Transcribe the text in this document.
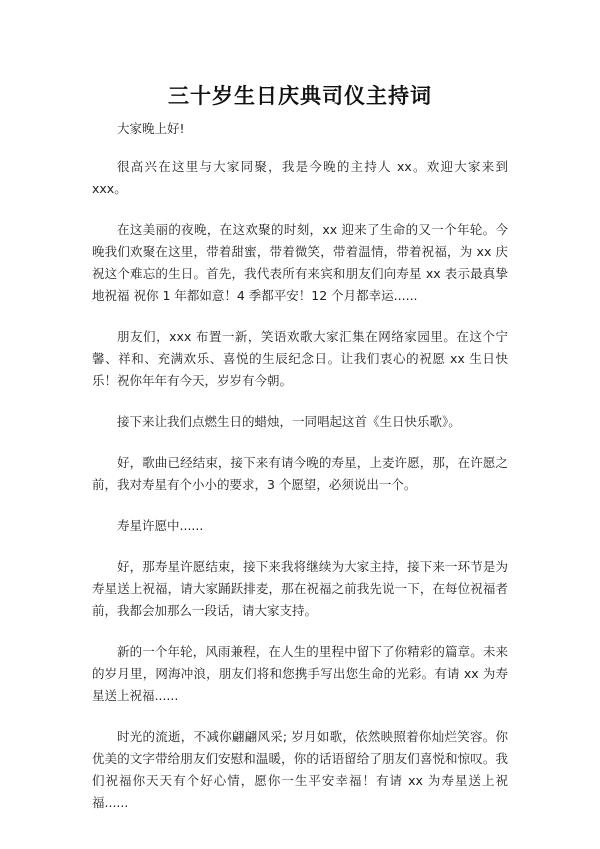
三十岁生日庆典司仪主持词

大家晚上好!

很高兴在这里与大家同聚，我是今晚的主持人 xx。欢迎大家来到 xxx。

在这美丽的夜晚，在这欢聚的时刻，xx 迎来了生命的又一个年轮。今晚我们欢聚在这里，带着甜蜜，带着微笑，带着温情，带着祝福，为 xx 庆祝这个难忘的生日。首先，我代表所有来宾和朋友们向寿星 xx 表示最真挚地祝福 祝你 1 年都如意！4 季都平安！12 个月都幸运......

朋友们，xxx 布置一新，笑语欢歌大家汇集在网络家园里。在这个宁馨、祥和、充满欢乐、喜悦的生辰纪念日。让我们衷心的祝愿 xx 生日快乐！祝你年年有今天，岁岁有今朝。

接下来让我们点燃生日的蜡烛，一同唱起这首《生日快乐歌》。

好，歌曲已经结束，接下来有请今晚的寿星，上麦许愿，那，在许愿之前，我对寿星有个小小的要求，3 个愿望，必须说出一个。

寿星许愿中......

好，那寿星许愿结束，接下来我将继续为大家主持，接下来一环节是为寿星送上祝福，请大家踊跃排麦，那在祝福之前我先说一下，在每位祝福者前，我都会加那么一段话，请大家支持。

新的一个年轮，风雨兼程，在人生的里程中留下了你精彩的篇章。未来的岁月里，网海冲浪，朋友们将和您携手写出您生命的光彩。有请 xx 为寿星送上祝福......

时光的流逝，不减你翩翩风采; 岁月如歌，依然映照着你灿烂笑容。你优美的文字带给朋友们安慰和温暖，你的话语留给了朋友们喜悦和惊叹。我们祝福你天天有个好心情，愿你一生平安幸福！有请 xx 为寿星送上祝福......
